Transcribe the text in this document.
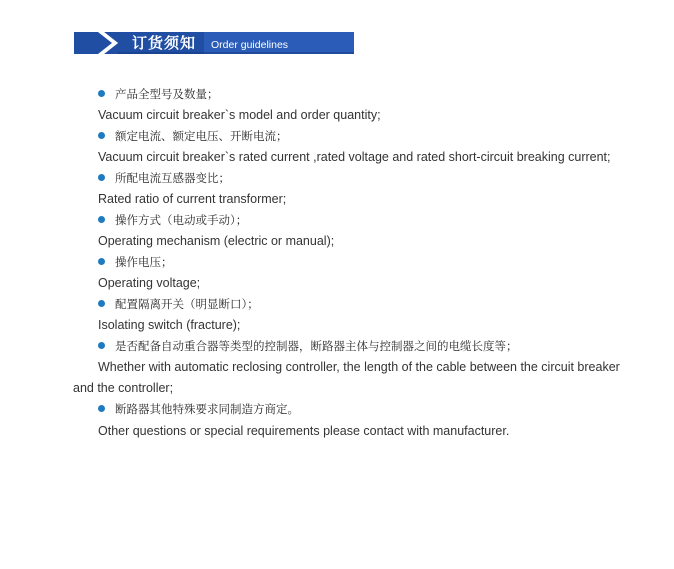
订货须知 Order guidelines
产品全型号及数量；
Vacuum circuit breaker`s model and order quantity;
额定电流、额定电压、开断电流；
Vacuum circuit breaker`s rated current ,rated voltage and rated short-circuit breaking current;
所配电流互感器变比；
Rated ratio of current transformer;
操作方式（电动或手动）；
Operating mechanism (electric or manual);
操作电压；
Operating voltage;
配置隔离开关（明显断口）；
Isolating switch (fracture);
是否配备自动重合器等类型的控制器，断路器主体与控制器之间的电缆长度等；
Whether with automatic reclosing controller, the length of the cable between the circuit breaker
and the controller;
断路器其他特殊要求同制造方商定。
Other questions or special requirements please contact with manufacturer.
